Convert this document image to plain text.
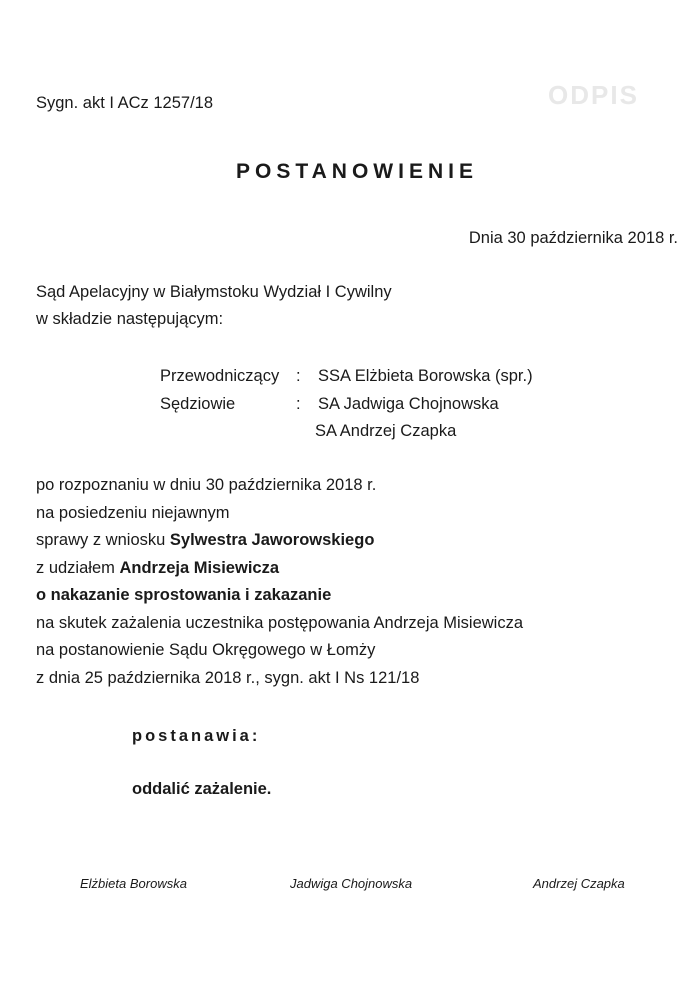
Sygn. akt I ACz 1257/18	ODPIS
POSTANOWIENIE
Dnia 30 października 2018 r.
Sąd Apelacyjny w Białymstoku Wydział I Cywilny
w składzie następującym:
Przewodniczący : SSA Elżbieta Borowska (spr.)
Sędziowie	: SA Jadwiga Chojnowska
SA Andrzej Czapka
po rozpoznaniu w dniu 30 października 2018 r.
na posiedzeniu niejawnym
sprawy z wniosku Sylwestra Jaworowskiego
z udziałem Andrzeja Misiewicza
o nakazanie sprostowania i zakazanie
na skutek zażalenia uczestnika postępowania Andrzeja Misiewicza
na postanowienie Sądu Okręgowego w Łomży
z dnia 25 października 2018 r., sygn. akt I Ns 121/18
postanawia:
oddalić zażalenie.
Elżbieta Borowska	Jadwiga Chojnowska	Andrzej Czapka
